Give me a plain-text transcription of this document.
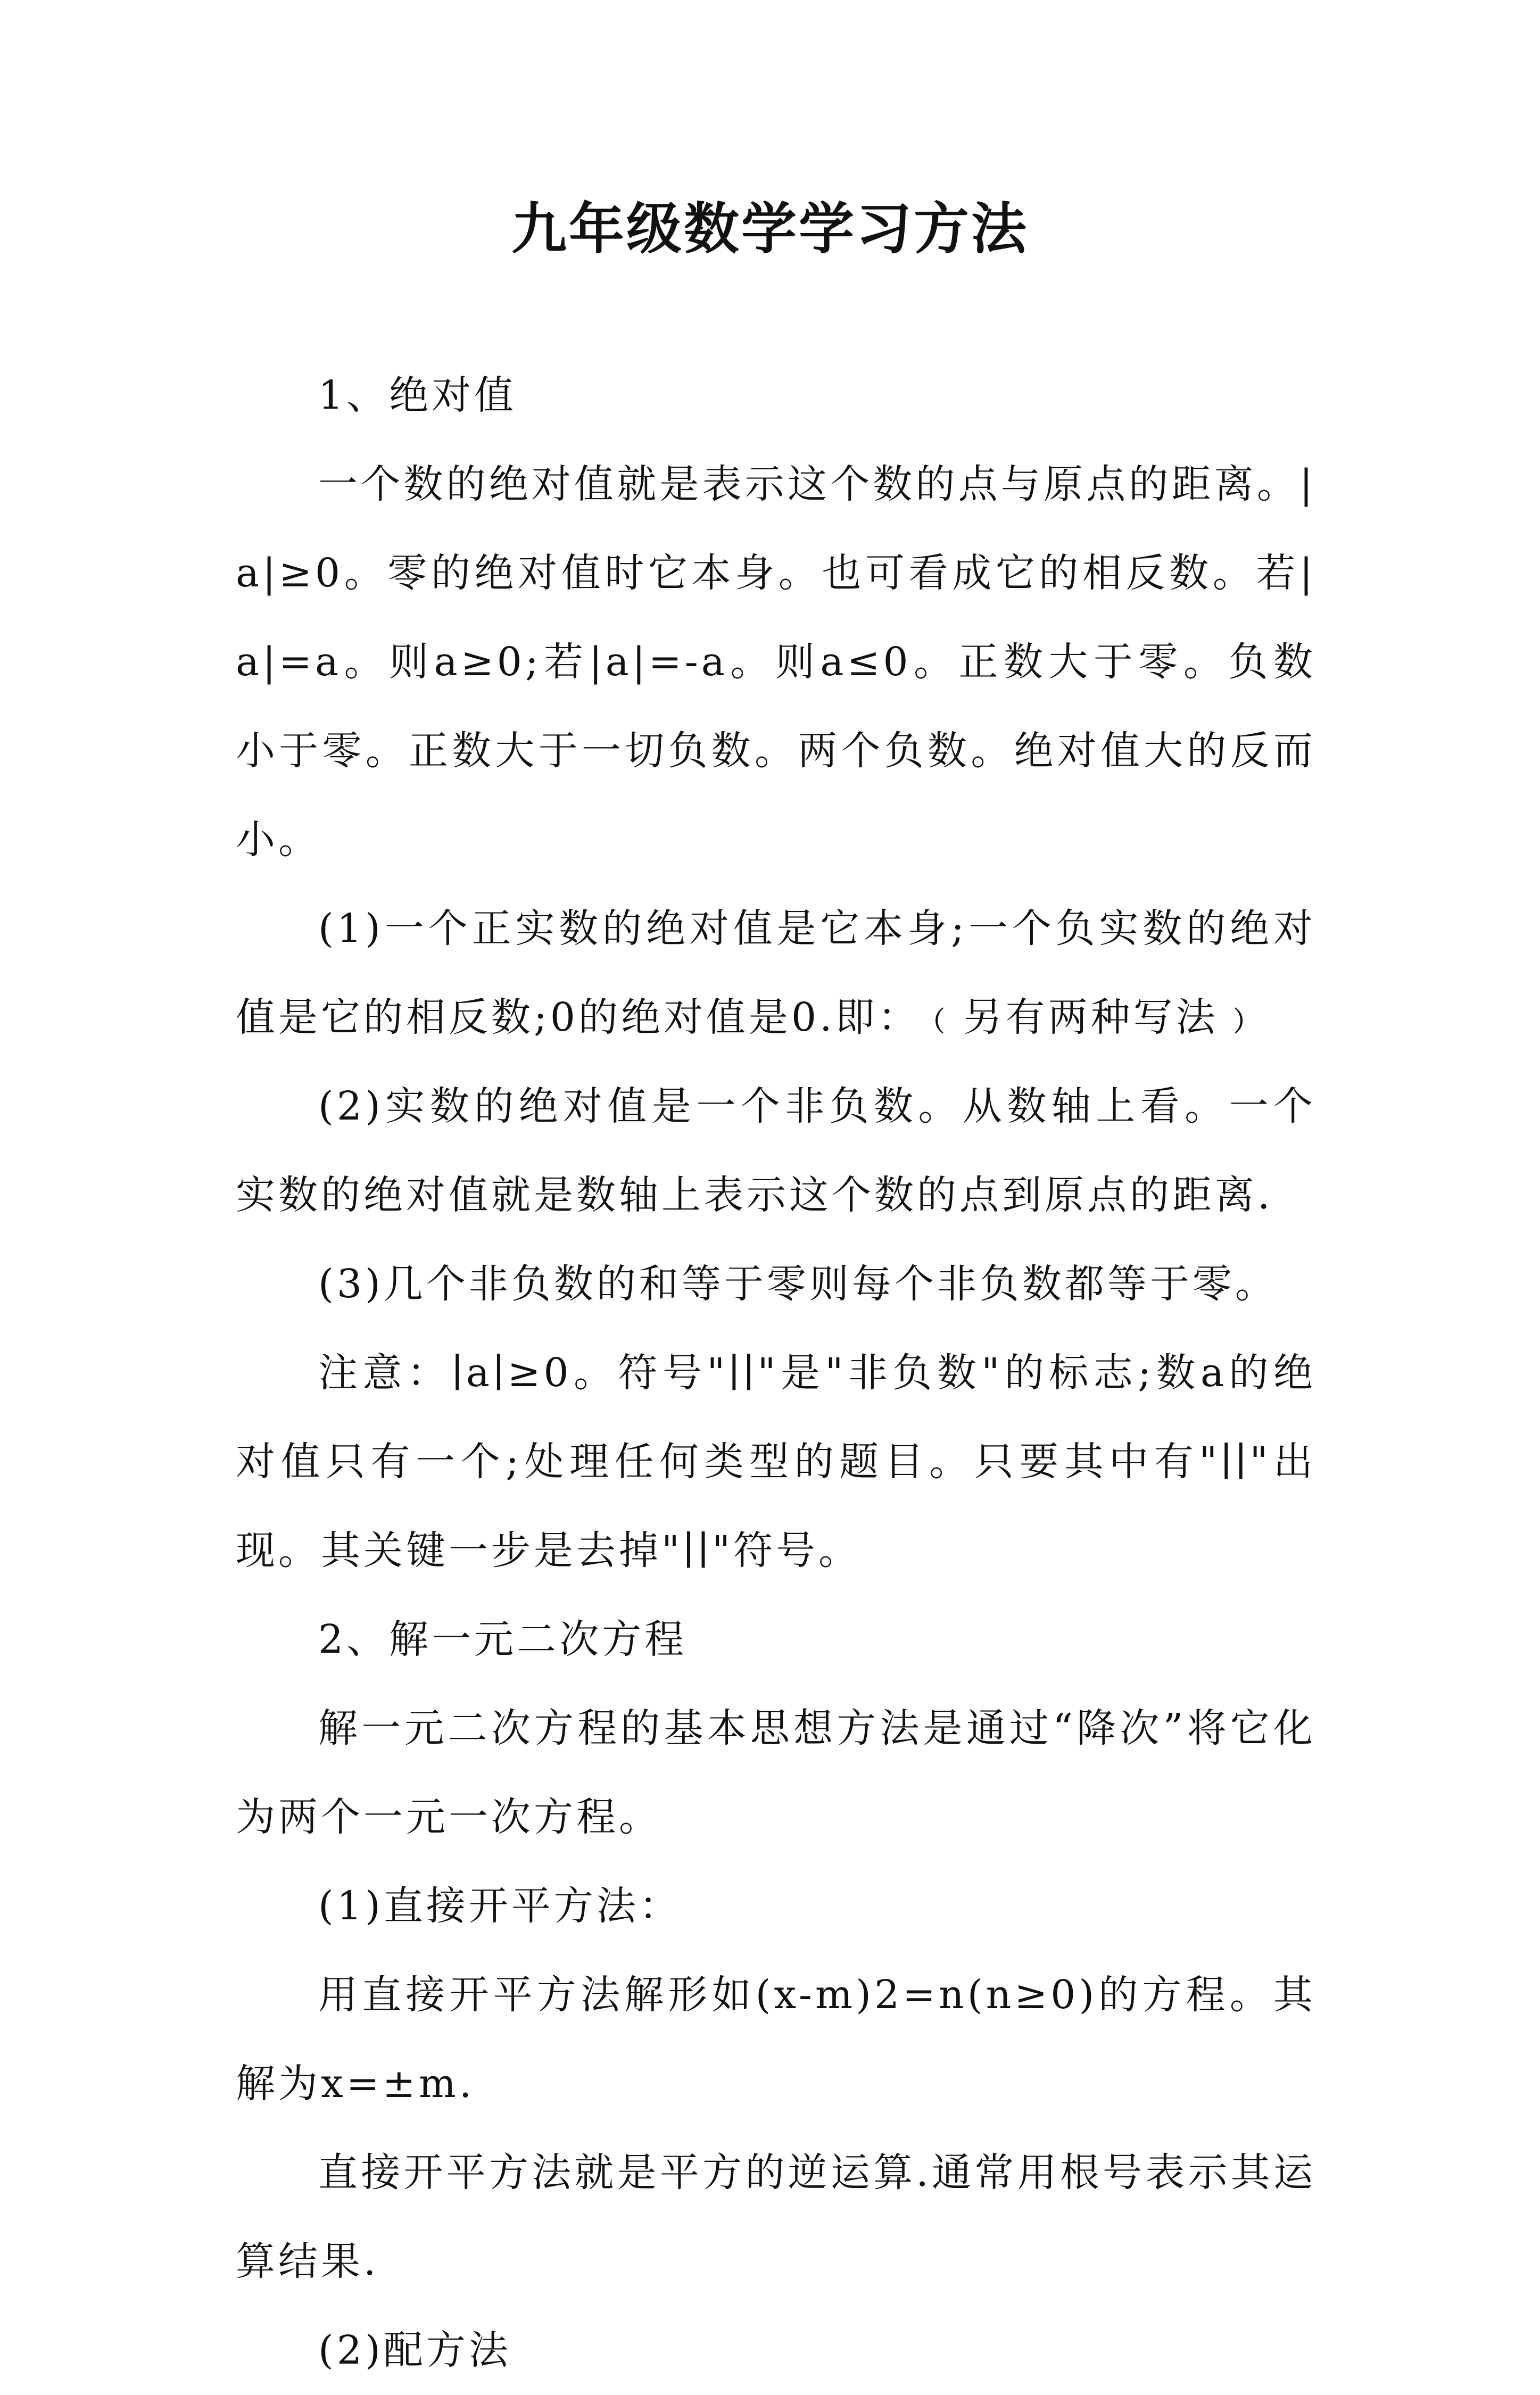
九年级数学学习方法

1、绝对值

一个数的绝对值就是表示这个数的点与原点的距离。|a|≥0。零的绝对值时它本身。也可看成它的相反数。若|a|=a。则a≥0;若|a|=-a。则a≤0。正数大于零。负数小于零。正数大于一切负数。两个负数。绝对值大的反而小。

(1)一个正实数的绝对值是它本身;一个负实数的绝对值是它的相反数;0的绝对值是0.即：﹙另有两种写法﹚

(2)实数的绝对值是一个非负数。从数轴上看。一个实数的绝对值就是数轴上表示这个数的点到原点的距离.

(3)几个非负数的和等于零则每个非负数都等于零。

注意：∣a∣≥0。符号"∣∣"是"非负数"的标志;数a的绝对值只有一个;处理任何类型的题目。只要其中有"∣∣"出现。其关键一步是去掉"∣∣"符号。

2、解一元二次方程

解一元二次方程的基本思想方法是通过“降次”将它化为两个一元一次方程。

(1)直接开平方法：

用直接开平方法解形如(x-m)2=n(n≥0)的方程。其解为x=±m.

直接开平方法就是平方的逆运算.通常用根号表示其运算结果.

(2)配方法
